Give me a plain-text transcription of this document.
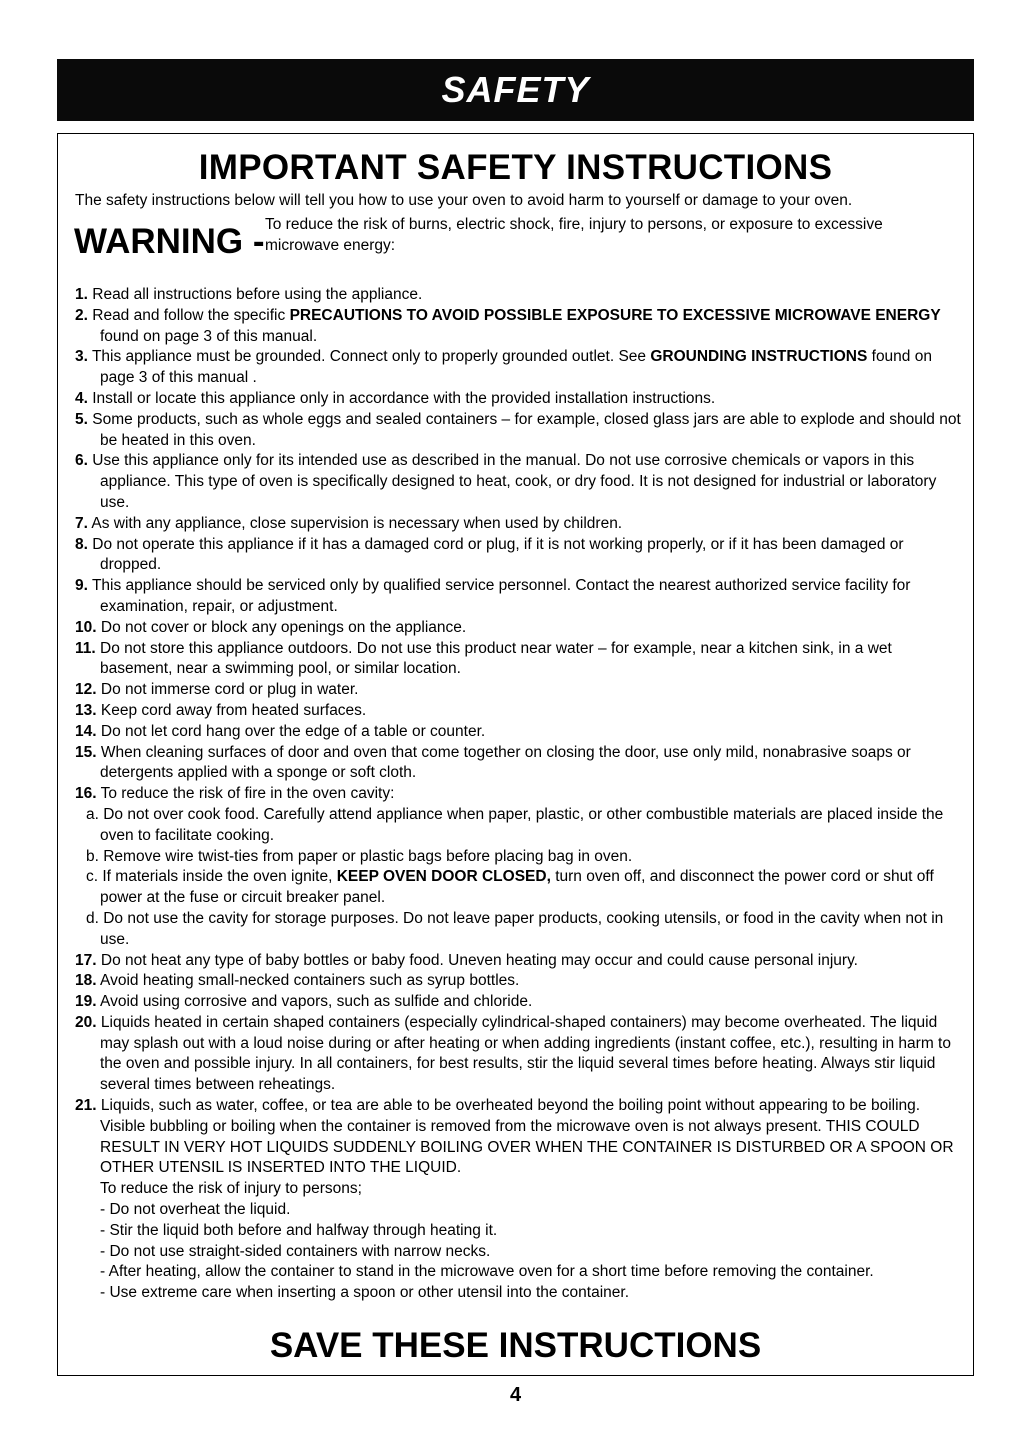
SAFETY
IMPORTANT SAFETY INSTRUCTIONS

The safety instructions below will tell you how to use your oven to avoid harm to yourself or damage to your oven.

WARNING - To reduce the risk of burns, electric shock, fire, injury to persons, or exposure to excessive microwave energy:

1. Read all instructions before using the appliance.
2. Read and follow the specific PRECAUTIONS TO AVOID POSSIBLE EXPOSURE TO EXCESSIVE MICROWAVE ENERGY found on page 3 of this manual.
3. This appliance must be grounded. Connect only to properly grounded outlet. See GROUNDING INSTRUCTIONS found on page 3 of this manual .
4. Install or locate this appliance only in accordance with the provided installation instructions.
5. Some products, such as whole eggs and sealed containers – for example, closed glass jars are able to explode and should not be heated in this oven.
6. Use this appliance only for its intended use as described in the manual. Do not use corrosive chemicals or vapors in this appliance. This type of oven is specifically designed to heat, cook, or dry food. It is not designed for industrial or laboratory use.
7. As with any appliance, close supervision is necessary when used by children.
8. Do not operate this appliance if it has a damaged cord or plug, if it is not working properly, or if it has been damaged or dropped.
9. This appliance should be serviced only by qualified service personnel. Contact the nearest authorized service facility for examination, repair, or adjustment.
10. Do not cover or block any openings on the appliance.
11. Do not store this appliance outdoors. Do not use this product near water – for example, near a kitchen sink, in a wet basement, near a swimming pool, or similar location.
12. Do not immerse cord or plug in water.
13. Keep cord away from heated surfaces.
14. Do not let cord hang over the edge of a table or counter.
15. When cleaning surfaces of door and oven that come together on closing the door, use only mild, nonabrasive soaps or detergents applied with a sponge or soft cloth.
16. To reduce the risk of fire in the oven cavity:
a. Do not over cook food. Carefully attend appliance when paper, plastic, or other combustible materials are placed inside the oven to facilitate cooking.
b. Remove wire twist-ties from paper or plastic bags before placing bag in oven.
c. If materials inside the oven ignite, KEEP OVEN DOOR CLOSED, turn oven off, and disconnect the power cord or shut off power at the fuse or circuit breaker panel.
d. Do not use the cavity for storage purposes. Do not leave paper products, cooking utensils, or food in the cavity when not in use.
17. Do not heat any type of baby bottles or baby food. Uneven heating may occur and could cause personal injury.
18. Avoid heating small-necked containers such as syrup bottles.
19. Avoid using corrosive and vapors, such as sulfide and chloride.
20. Liquids heated in certain shaped containers (especially cylindrical-shaped containers) may become overheated. The liquid may splash out with a loud noise during or after heating or when adding ingredients (instant coffee, etc.), resulting in harm to the oven and possible injury. In all containers, for best results, stir the liquid several times before heating. Always stir liquid several times between reheatings.
21. Liquids, such as water, coffee, or tea are able to be overheated beyond the boiling point without appearing to be boiling. Visible bubbling or boiling when the container is removed from the microwave oven is not always present. THIS COULD RESULT IN VERY HOT LIQUIDS SUDDENLY BOILING OVER WHEN THE CONTAINER IS DISTURBED OR A SPOON OR OTHER UTENSIL IS INSERTED INTO THE LIQUID.
To reduce the risk of injury to persons;
- Do not overheat the liquid.
- Stir the liquid both before and halfway through heating it.
- Do not use straight-sided containers with narrow necks.
- After heating, allow the container to stand in the microwave oven for a short time before removing the container.
- Use extreme care when inserting a spoon or other utensil into the container.

SAVE THESE INSTRUCTIONS

4
